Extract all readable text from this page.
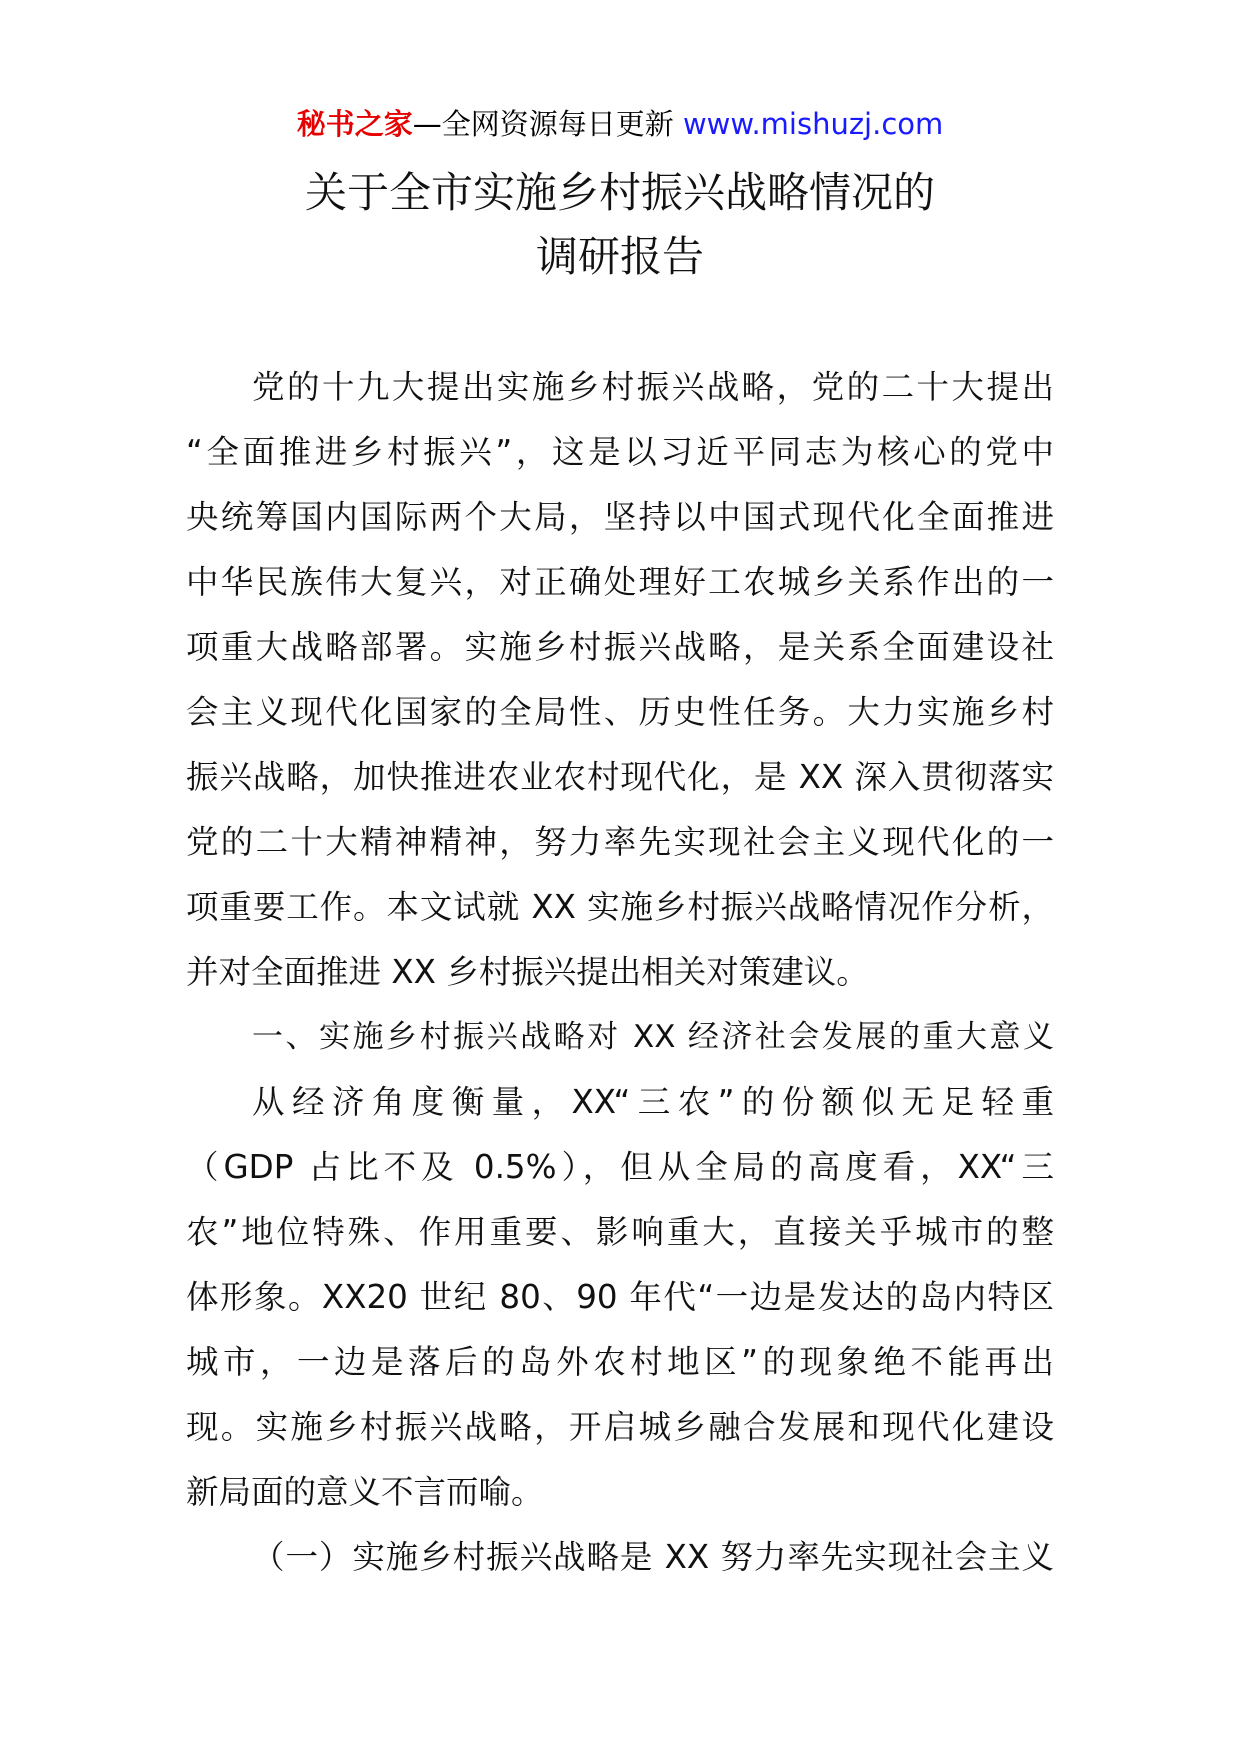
秘书之家—全网资源每日更新 www.mishuzj.com
关于全市实施乡村振兴战略情况的
调研报告
党的十九大提出实施乡村振兴战略，党的二十大提出
“全面推进乡村振兴”，这是以习近平同志为核心的党中
央统筹国内国际两个大局，坚持以中国式现代化全面推进
中华民族伟大复兴，对正确处理好工农城乡关系作出的一
项重大战略部署。实施乡村振兴战略，是关系全面建设社
会主义现代化国家的全局性、历史性任务。大力实施乡村
振兴战略，加快推进农业农村现代化，是 XX 深入贯彻落实
党的二十大精神精神，努力率先实现社会主义现代化的一
项重要工作。本文试就 XX 实施乡村振兴战略情况作分析，
并对全面推进 XX 乡村振兴提出相关对策建议。
一、实施乡村振兴战略对 XX 经济社会发展的重大意义
从经济角度衡量，XX“三农”的份额似无足轻重
（GDP 占比不及 0.5%），但从全局的高度看，XX“三
农”地位特殊、作用重要、影响重大，直接关乎城市的整
体形象。XX20 世纪 80、90 年代“一边是发达的岛内特区
城市，一边是落后的岛外农村地区”的现象绝不能再出
现。实施乡村振兴战略，开启城乡融合发展和现代化建设
新局面的意义不言而喻。
（一）实施乡村振兴战略是 XX 努力率先实现社会主义
